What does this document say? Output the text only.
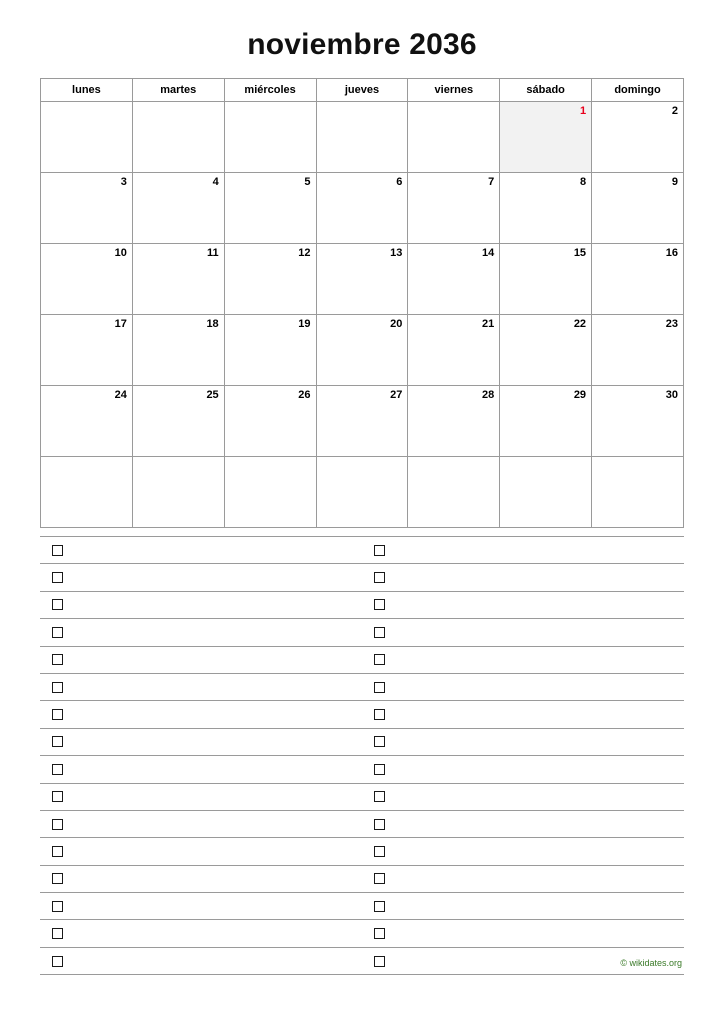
noviembre 2036
lunes	martes	miércoles	jueves	viernes	sábado	domingo
					1	2
3	4	5	6	7	8	9
10	11	12	13	14	15	16
17	18	19	20	21	22	23
24	25	26	27	28	29	30

© wikidates.org
